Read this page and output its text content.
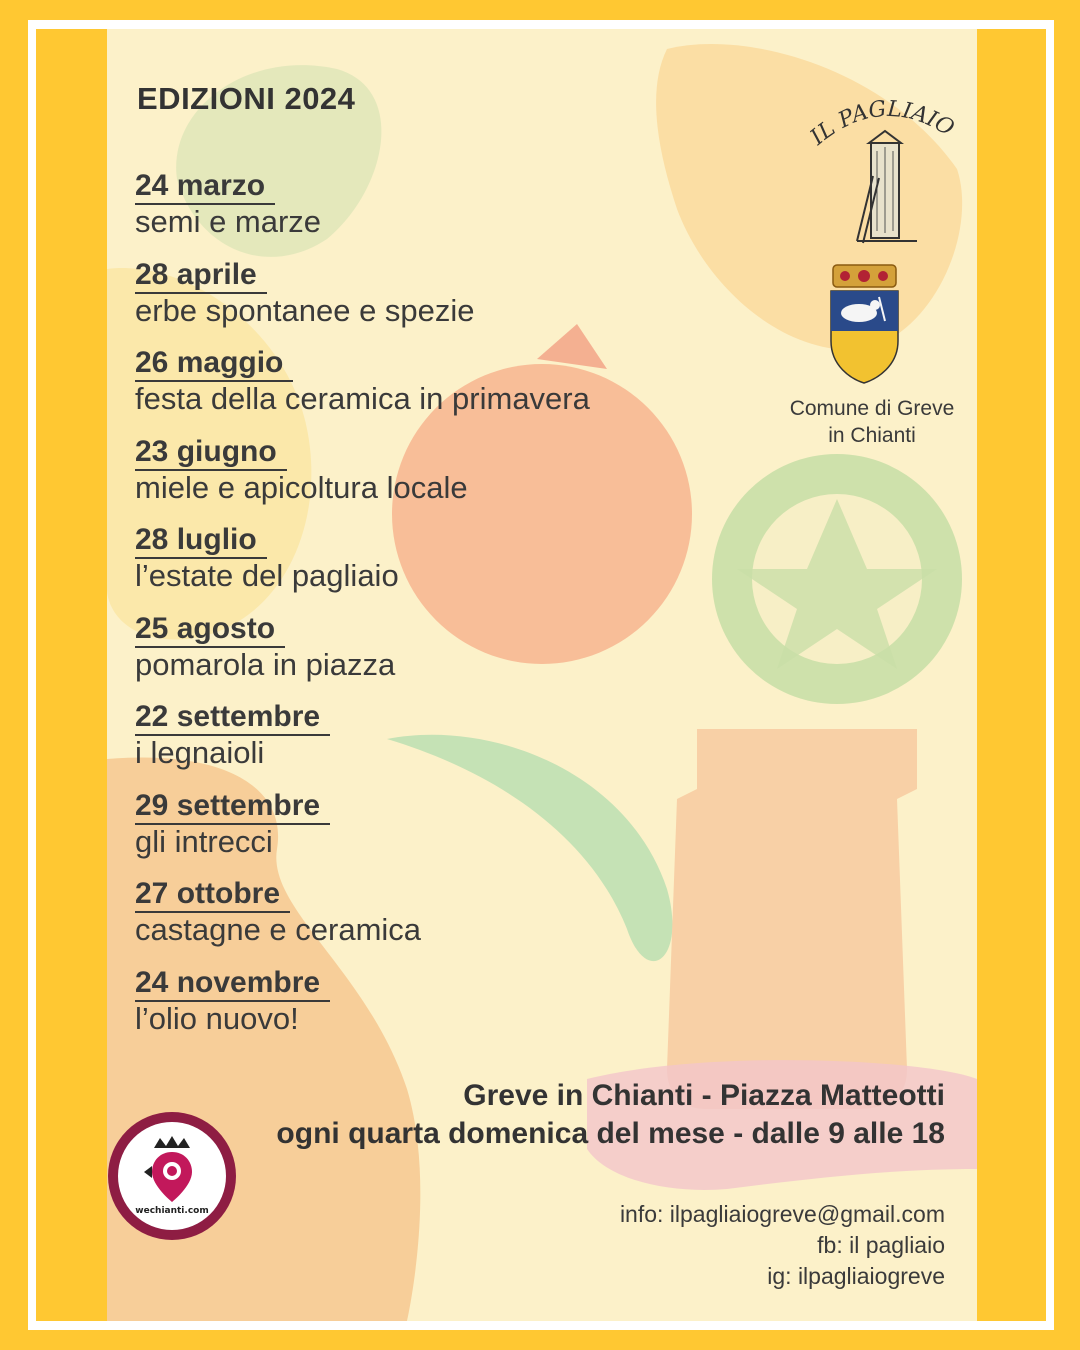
EDIZIONI 2024
24 marzo
semi e marze
28 aprile
erbe spontanee e spezie
26 maggio
festa della ceramica in primavera
23 giugno
miele e apicoltura locale
28 luglio
l’estate del pagliaio
25 agosto
pomarola in piazza
22 settembre
i legnaioli
29 settembre
gli intrecci
27 ottobre
castagne e ceramica
24 novembre
l’olio nuovo!
IL PAGLIAIO
Comune di Greve
in Chianti
Greve in Chianti - Piazza Matteotti
ogni quarta domenica del mese - dalle 9 alle 18
info: ilpagliaiogreve@gmail.com
fb: il pagliaio
ig: ilpagliaiogreve
wechianti.com
